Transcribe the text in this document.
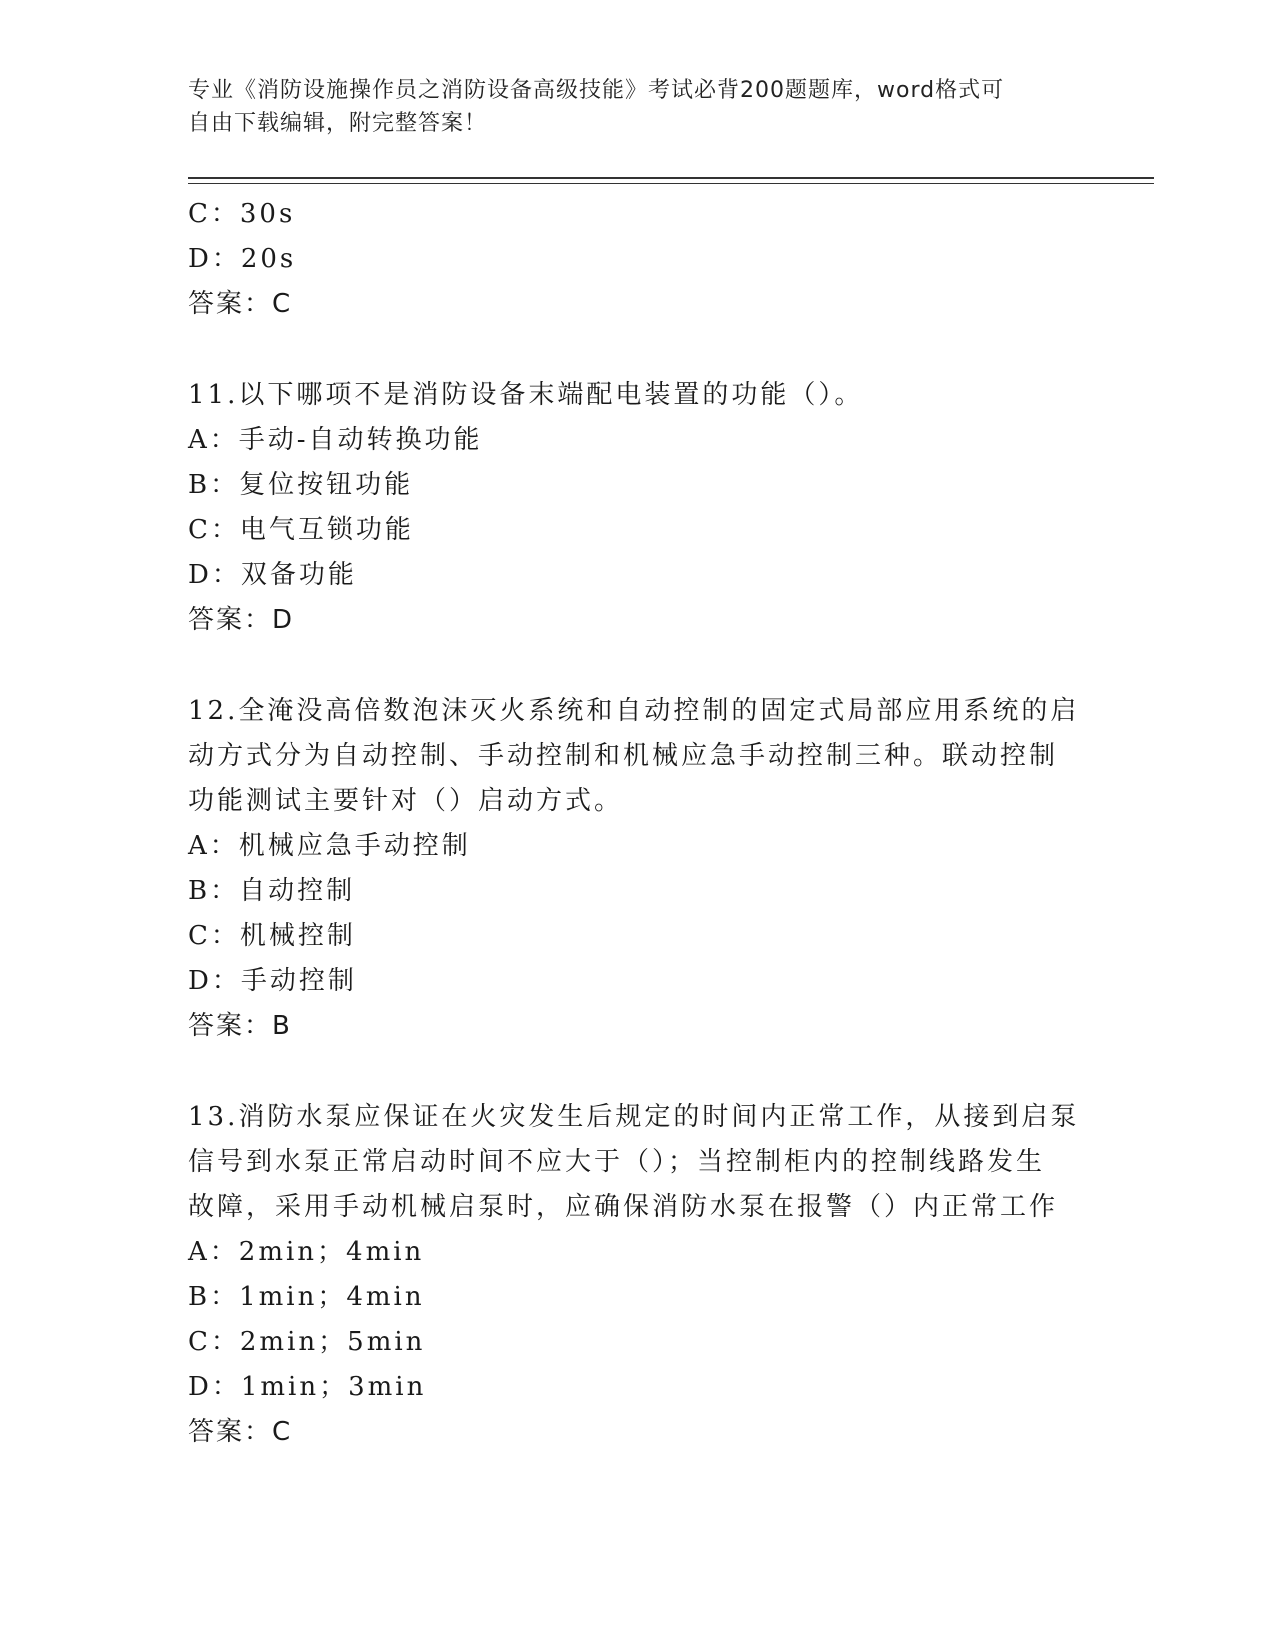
专业《消防设施操作员之消防设备高级技能》考试必背200题题库，word格式可
自由下载编辑，附完整答案！
C：30s
D：20s
答案：C
11.以下哪项不是消防设备末端配电装置的功能（）。
A：手动-自动转换功能
B：复位按钮功能
C：电气互锁功能
D：双备功能
答案：D
12.全淹没高倍数泡沫灭火系统和自动控制的固定式局部应用系统的启
动方式分为自动控制、手动控制和机械应急手动控制三种。联动控制
功能测试主要针对（）启动方式。
A：机械应急手动控制
B：自动控制
C：机械控制
D：手动控制
答案：B
13.消防水泵应保证在火灾发生后规定的时间内正常工作，从接到启泵
信号到水泵正常启动时间不应大于（）；当控制柜内的控制线路发生
故障，采用手动机械启泵时，应确保消防水泵在报警（）内正常工作
A：2min；4min
B：1min；4min
C：2min；5min
D：1min；3min
答案：C
